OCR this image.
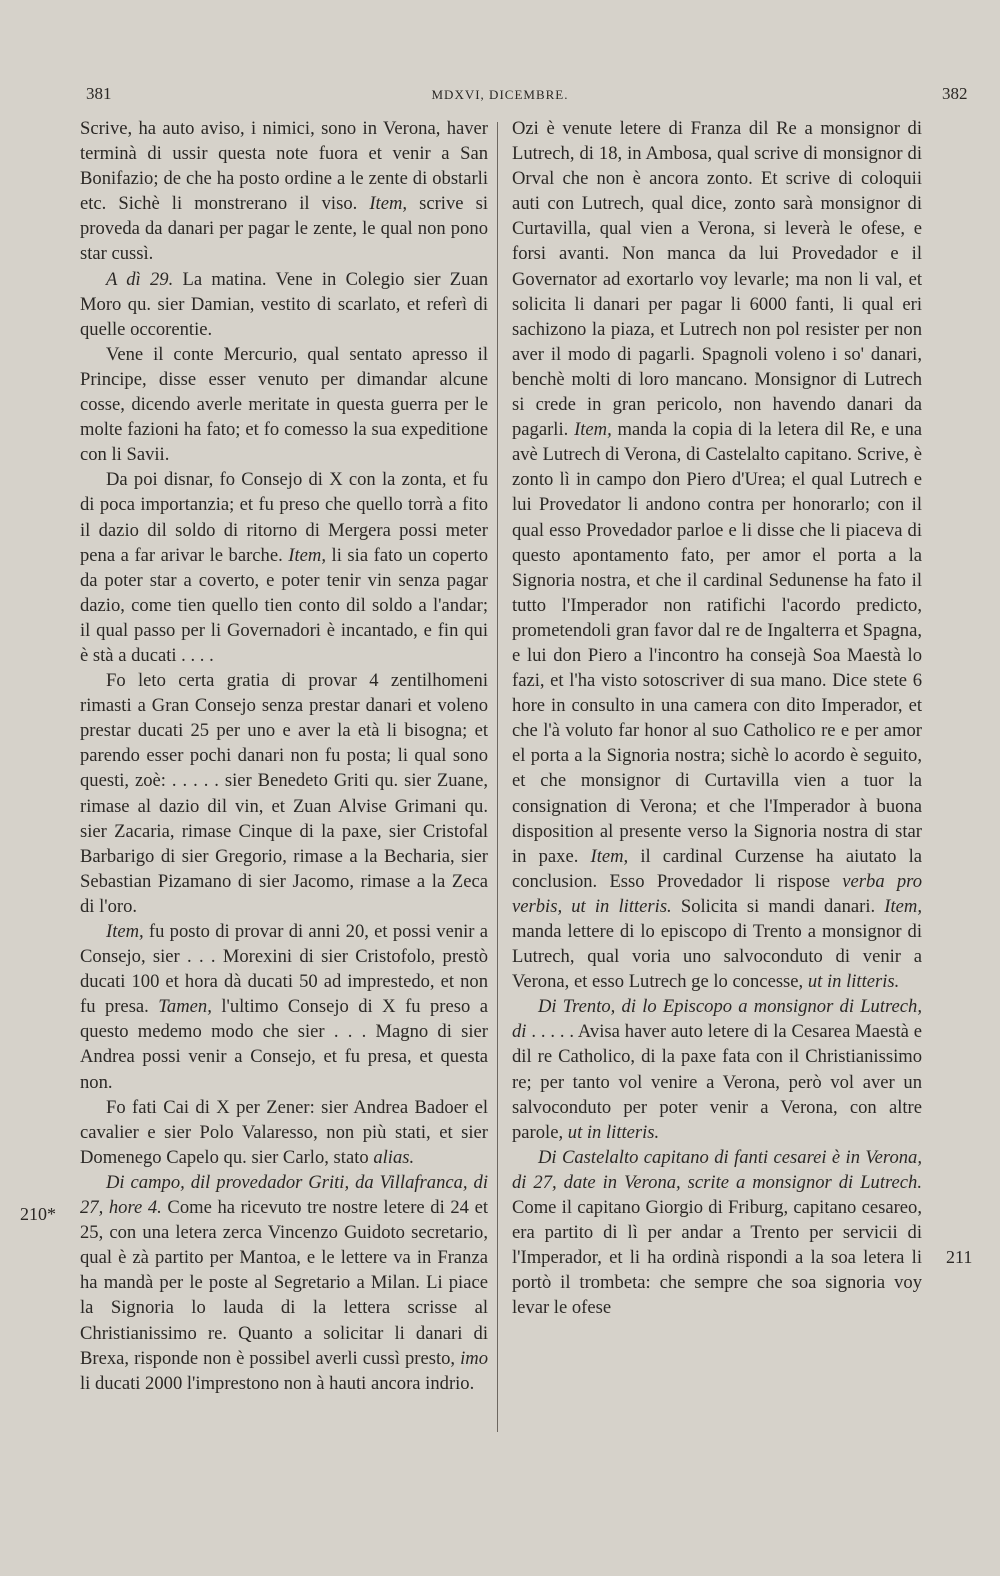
381	MDXVI, DICEMBRE.	382

Scrive, ha auto aviso, i nimici, sono in Verona, haver terminà di ussir questa note fuora et venir a San Bonifazio; de che ha posto ordine a le zente di obstarli etc. Sichè li monstrerano il viso. Item, scrive si proveda da danari per pagar le zente, le qual non pono star cussì.

A dì 29. La matina. Vene in Colegio sier Zuan Moro qu. sier Damian, vestito di scarlato, et referì di quelle occorentie.

Vene il conte Mercurio, qual sentato apresso il Principe, disse esser venuto per dimandar alcune cosse, dicendo averle meritate in questa guerra per le molte fazioni ha fato; et fo comesso la sua expeditione con li Savii.

Da poi disnar, fo Consejo di X con la zonta, et fu di poca importanzia; et fu preso che quello torrà a fito il dazio dil soldo di ritorno di Mergera possi meter pena a far arivar le barche. Item, li sia fato un coperto da poter star a coverto, e poter tenir vin senza pagar dazio, come tien quello tien conto dil soldo a l'andar; il qual passo per li Governadori è incantado, e fin qui è stà a ducati . . . .

Fo leto certa gratia di provar 4 zentilhomeni rimasti a Gran Consejo senza prestar danari et voleno prestar ducati 25 per uno e aver la età li bisogna; et parendo esser pochi danari non fu posta; li qual sono questi, zoè: . . . . . sier Benedeto Griti qu. sier Zuane, rimase al dazio dil vin, et Zuan Alvise Grimani qu. sier Zacaria, rimase Cinque di la paxe, sier Cristofal Barbarigo di sier Gregorio, rimase a la Becharia, sier Sebastian Pizamano di sier Jacomo, rimase a la Zeca di l'oro.

Item, fu posto di provar di anni 20, et possi venir a Consejo, sier . . . Morexini di sier Cristofolo, prestò ducati 100 et hora dà ducati 50 ad imprestedo, et non fu presa. Tamen, l'ultimo Consejo di X fu preso a questo medemo modo che sier . . . Magno di sier Andrea possi venir a Consejo, et fu presa, et questa non.

Fo fati Cai di X per Zener: sier Andrea Badoer el cavalier e sier Polo Valaresso, non più stati, et sier Domenego Capelo qu. sier Carlo, stato alias.

Di campo, dil provedador Griti, da Villafranca, di 27, hore 4. Come ha ricevuto tre nostre letere di 24 et 25, con una letera zerca Vincenzo Guidoto secretario, qual è zà partito per Mantoa, e le lettere va in Franza ha mandà per le poste al Segretario a Milan. Li piace la Signoria lo lauda di la lettera scrisse al Christianissimo re. Quanto a solicitar li danari di Brexa, risponde non è possibel averli cussì presto, imo li ducati 2000 l'imprestono non à hauti ancora indrio.

Ozi è venute letere di Franza dil Re a monsignor di Lutrech, di 18, in Ambosa, qual scrive di monsignor di Orval che non è ancora zonto. Et scrive di coloquii auti con Lutrech, qual dice, zonto sarà monsignor di Curtavilla, qual vien a Verona, si leverà le ofese, e forsi avanti. Non manca da lui Provedador e il Governator ad exortarlo voy levarle; ma non li val, et solicita li danari per pagar li 6000 fanti, li qual eri sachizono la piaza, et Lutrech non pol resister per non aver il modo di pagarli. Spagnoli voleno i so' danari, benchè molti di loro mancano. Monsignor di Lutrech si crede in gran pericolo, non havendo danari da pagarli. Item, manda la copia di la letera dil Re, e una avè Lutrech di Verona, di Castelalto capitano. Scrive, è zonto lì in campo don Piero d'Urea; el qual Lutrech e lui Provedator li andono contra per honorarlo; con il qual esso Provedador parloe e li disse che li piaceva di questo apontamento fato, per amor el porta a la Signoria nostra, et che il cardinal Sedunense ha fato il tutto l'Imperador non ratifichi l'acordo predicto, prometendoli gran favor dal re de Ingalterra et Spagna, e lui don Piero a l'incontro ha consejà Soa Maestà lo fazi, et l'ha visto sotoscriver di sua mano. Dice stete 6 hore in consulto in una camera con dito Imperador, et che l'à voluto far honor al suo Catholico re e per amor el porta a la Signoria nostra; sichè lo acordo è seguito, et che monsignor di Curtavilla vien a tuor la consignation di Verona; et che l'Imperador à buona disposition al presente verso la Signoria nostra di star in paxe. Item, il cardinal Curzense ha aiutato la conclusion. Esso Provedador li rispose verba pro verbis, ut in litteris. Solicita si mandi danari. Item, manda lettere di lo episcopo di Trento a monsignor di Lutrech, qual voria uno salvoconduto di venir a Verona, et esso Lutrech ge lo concesse, ut in litteris.

Di Trento, di lo Episcopo a monsignor di Lutrech, di . . . . . Avisa haver auto letere di la Cesarea Maestà e dil re Catholico, di la paxe fata con il Christianissimo re; per tanto vol venire a Verona, però vol aver un salvoconduto per poter venir a Verona, con altre parole, ut in litteris.

Di Castelalto capitano di fanti cesarei è in Verona, di 27, date in Verona, scrite a monsignor di Lutrech. Come il capitano Giorgio di Friburg, capitano cesareo, era partito di lì per andar a Trento per servicii di l'Imperador, et li ha ordinà rispondi a la soa letera li portò il trombeta: che sempre che soa signoria voy levar le ofese

210*
211
